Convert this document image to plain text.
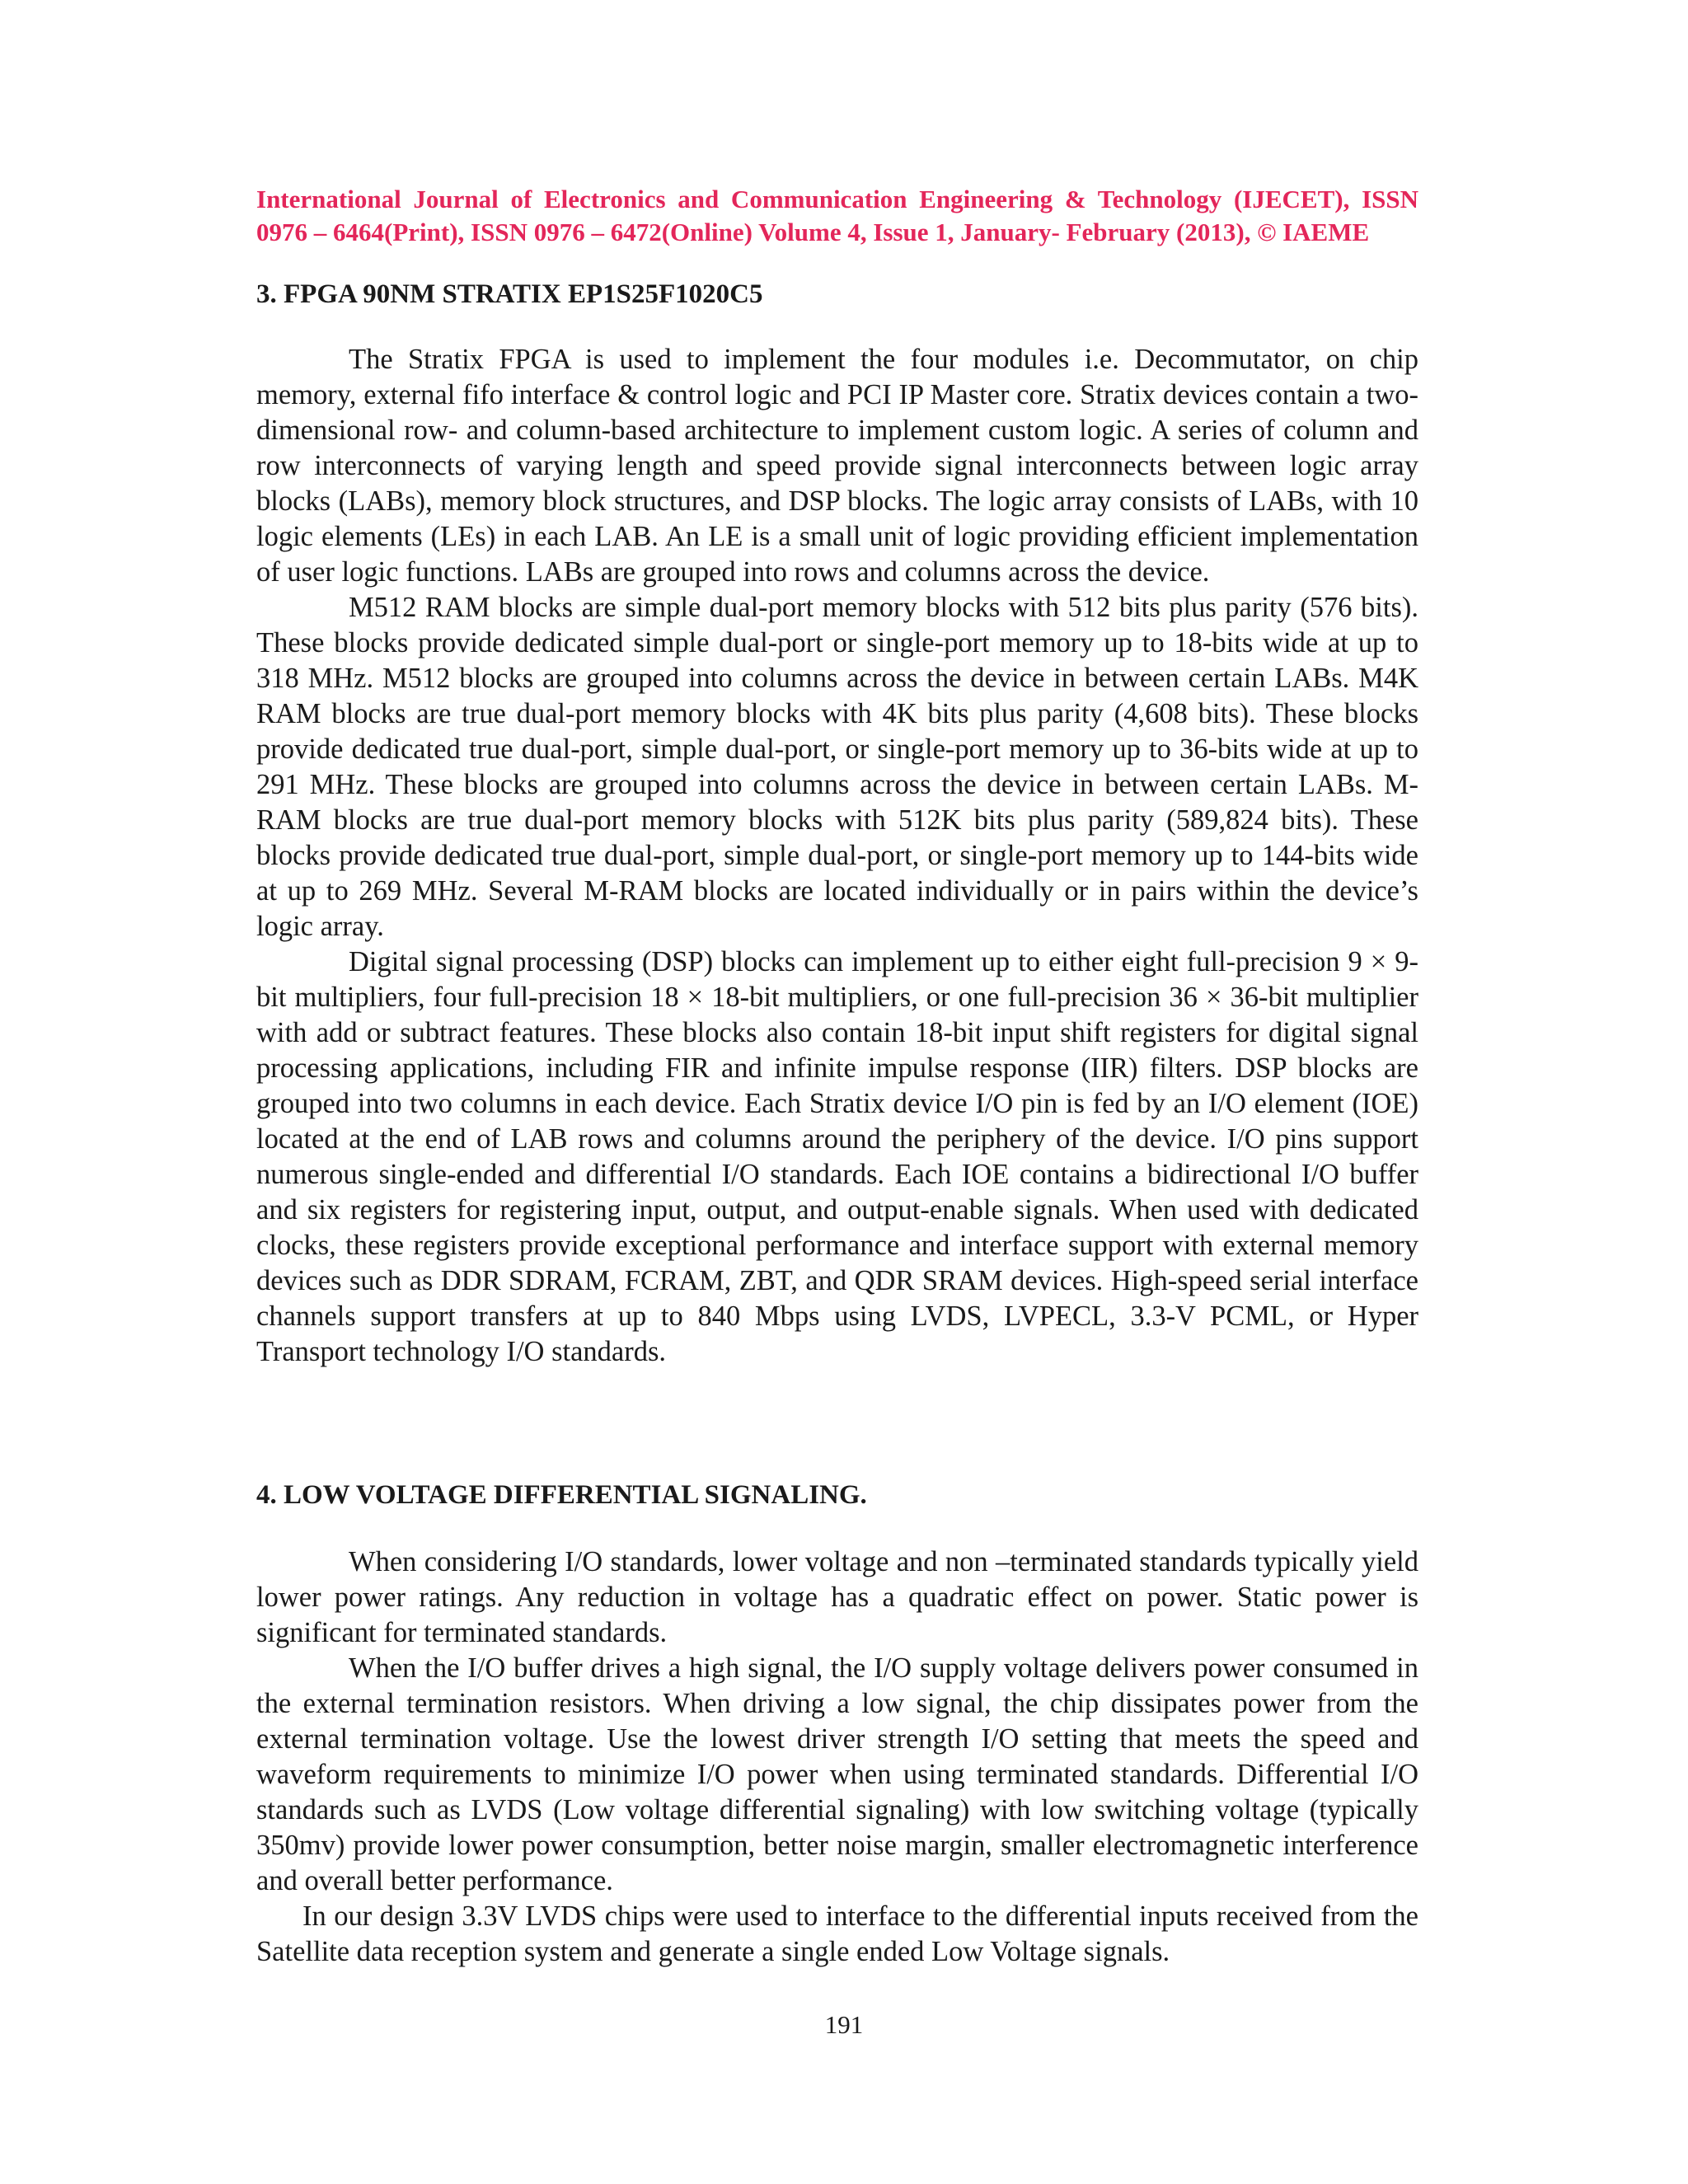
International Journal of Electronics and Communication Engineering & Technology (IJECET), ISSN
0976 – 6464(Print), ISSN 0976 – 6472(Online) Volume 4, Issue 1, January- February (2013), © IAEME
3. FPGA 90NM STRATIX EP1S25F1020C5

The Stratix FPGA is used to implement the four modules i.e. Decommutator, on chip memory, external fifo interface & control logic and PCI IP Master core. Stratix devices contain a two-dimensional row- and column-based architecture to implement custom logic. A series of column and row interconnects of varying length and speed provide signal interconnects between logic array blocks (LABs), memory block structures, and DSP blocks. The logic array consists of LABs, with 10 logic elements (LEs) in each LAB. An LE is a small unit of logic providing efficient implementation of user logic functions. LABs are grouped into rows and columns across the device.

M512 RAM blocks are simple dual-port memory blocks with 512 bits plus parity (576 bits). These blocks provide dedicated simple dual-port or single-port memory up to 18-bits wide at up to 318 MHz. M512 blocks are grouped into columns across the device in between certain LABs. M4K RAM blocks are true dual-port memory blocks with 4K bits plus parity (4,608 bits). These blocks provide dedicated true dual-port, simple dual-port, or single-port memory up to 36-bits wide at up to 291 MHz. These blocks are grouped into columns across the device in between certain LABs. M-RAM blocks are true dual-port memory blocks with 512K bits plus parity (589,824 bits). These blocks provide dedicated true dual-port, simple dual-port, or single-port memory up to 144-bits wide at up to 269 MHz. Several M-RAM blocks are located individually or in pairs within the device’s logic array.

Digital signal processing (DSP) blocks can implement up to either eight full-precision 9 × 9-bit multipliers, four full-precision 18 × 18-bit multipliers, or one full-precision 36 × 36-bit multiplier with add or subtract features. These blocks also contain 18-bit input shift registers for digital signal processing applications, including FIR and infinite impulse response (IIR) filters. DSP blocks are grouped into two columns in each device. Each Stratix device I/O pin is fed by an I/O element (IOE) located at the end of LAB rows and columns around the periphery of the device. I/O pins support numerous single-ended and differential I/O standards. Each IOE contains a bidirectional I/O buffer and six registers for registering input, output, and output-enable signals. When used with dedicated clocks, these registers provide exceptional performance and interface support with external memory devices such as DDR SDRAM, FCRAM, ZBT, and QDR SRAM devices. High-speed serial interface channels support transfers at up to 840 Mbps using LVDS, LVPECL, 3.3-V PCML, or Hyper Transport technology I/O standards.

4. LOW VOLTAGE DIFFERENTIAL SIGNALING.

When considering I/O standards, lower voltage and non –terminated standards typically yield lower power ratings. Any reduction in voltage has a quadratic effect on power. Static power is significant for terminated standards.

When the I/O buffer drives a high signal, the I/O supply voltage delivers power consumed in the external termination resistors. When driving a low signal, the chip dissipates power from the external termination voltage. Use the lowest driver strength I/O setting that meets the speed and waveform requirements to minimize I/O power when using terminated standards. Differential I/O standards such as LVDS (Low voltage differential signaling) with low switching voltage (typically 350mv) provide lower power consumption, better noise margin, smaller electromagnetic interference and overall better performance.

In our design 3.3V LVDS chips were used to interface to the differential inputs received from the Satellite data reception system and generate a single ended Low Voltage signals.

191
